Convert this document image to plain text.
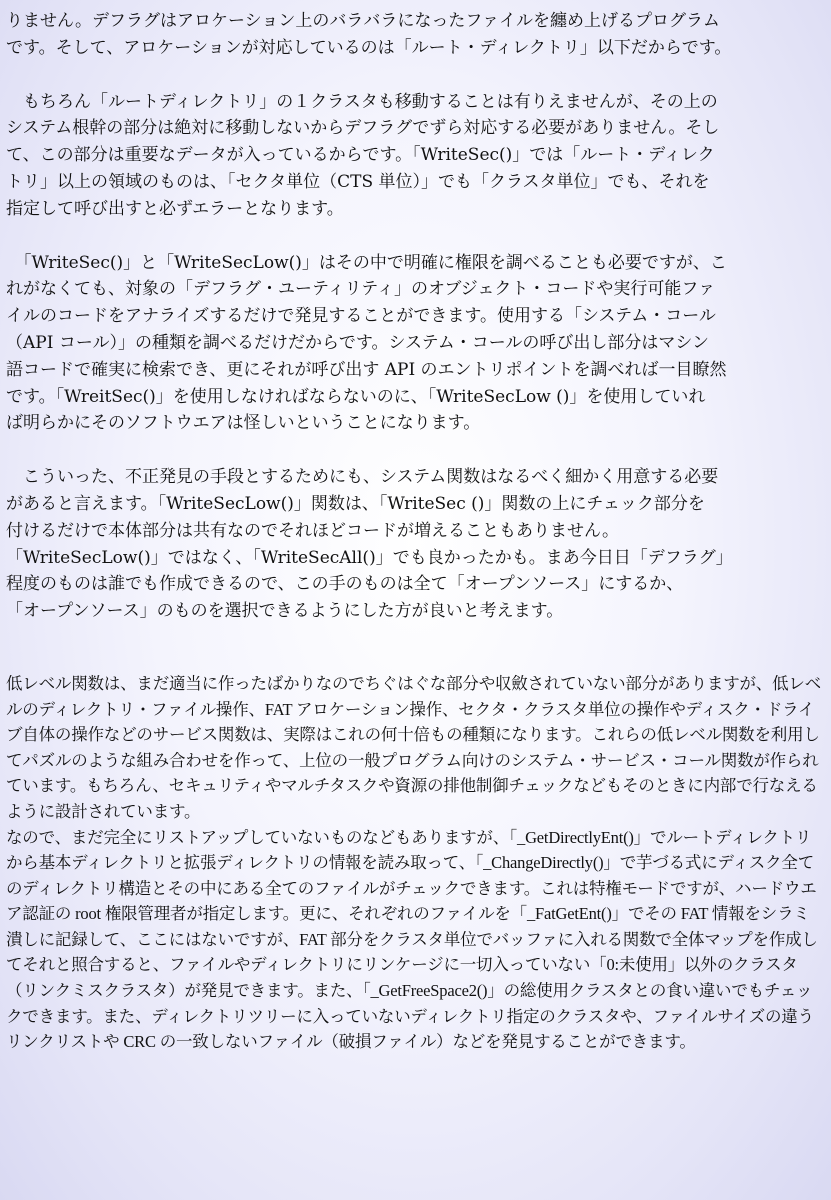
りません。デフラグはアロケーション上のバラバラになったファイルを纏め上げるプログラム
です。そして、アロケーションが対応しているのは「ルート・ディレクトリ」以下だからです。

　もちろん「ルートディレクトリ」の１クラスタも移動することは有りえませんが、その上の
システム根幹の部分は絶対に移動しないからデフラグでずら対応する必要がありません。そし
て、この部分は重要なデータが入っているからです。「WriteSec()」では「ルート・ディレク
トリ」以上の領域のものは、「セクタ単位（CTS 単位）」でも「クラスタ単位」でも、それを
指定して呼び出すと必ずエラーとなります。

　「WriteSec()」と「WriteSecLow()」はその中で明確に権限を調べることも必要ですが、こ
れがなくても、対象の「デフラグ・ユーティリティ」のオブジェクト・コードや実行可能ファ
イルのコードをアナライズするだけで発見することができます。使用する「システム・コール
（API コール）」の種類を調べるだけだからです。システム・コールの呼び出し部分はマシン
語コードで確実に検索でき、更にそれが呼び出す API のエントリポイントを調べれば一目瞭然
です。「WreitSec()」を使用しなければならないのに、「WriteSecLow ()」を使用していれ
ば明らかにそのソフトウエアは怪しいということになります。

　こういった、不正発見の手段とするためにも、システム関数はなるべく細かく用意する必要
があると言えます。「WriteSecLow()」関数は、「WriteSec ()」関数の上にチェック部分を
付けるだけで本体部分は共有なのでそれほどコードが増えることもありません。
「WriteSecLow()」ではなく、「WriteSecAll()」でも良かったかも。まあ今日日「デフラグ」
程度のものは誰でも作成できるので、この手のものは全て「オープンソース」にするか、
「オープンソース」のものを選択できるようにした方が良いと考えます。

低レベル関数は、まだ適当に作ったばかりなのでちぐはぐな部分や収斂されていない部分がありますが、低レベルのディレクトリ・ファイル操作、FAT アロケーション操作、セクタ・クラスタ単位の操作やディスク・ドライブ自体の操作などのサービス関数は、実際はこれの何十倍もの種類になります。これらの低レベル関数を利用してパズルのような組み合わせを作って、上位の一般プログラム向けのシステム・サービス・コール関数が作られています。もちろん、セキュリティやマルチタスクや資源の排他制御チェックなどもそのときに内部で行なえるように設計されています。

なので、まだ完全にリストアップしていないものなどもありますが、「_GetDirectlyEnt()」でルートディレクトリから基本ディレクトリと拡張ディレクトリの情報を読み取って、「_ChangeDirectly()」で芋づる式にディスク全てのディレクトリ構造とその中にある全てのファイルがチェックできます。これは特権モードですが、ハードウエア認証の root 権限管理者が指定します。更に、それぞれのファイルを「_FatGetEnt()」でその FAT 情報をシラミ潰しに記録して、ここにはないですが、FAT 部分をクラスタ単位でバッファに入れる関数で全体マップを作成してそれと照合すると、ファイルやディレクトリにリンケージに一切入っていない「0:未使用」以外のクラスタ（リンクミスクラスタ）が発見できます。また、「_GetFreeSpace2()」の総使用クラスタとの食い違いでもチェックできます。また、ディレクトリツリーに入っていないディレクトリ指定のクラスタや、ファイルサイズの違うリンクリストや CRC の一致しないファイル（破損ファイル）などを発見することができます。
